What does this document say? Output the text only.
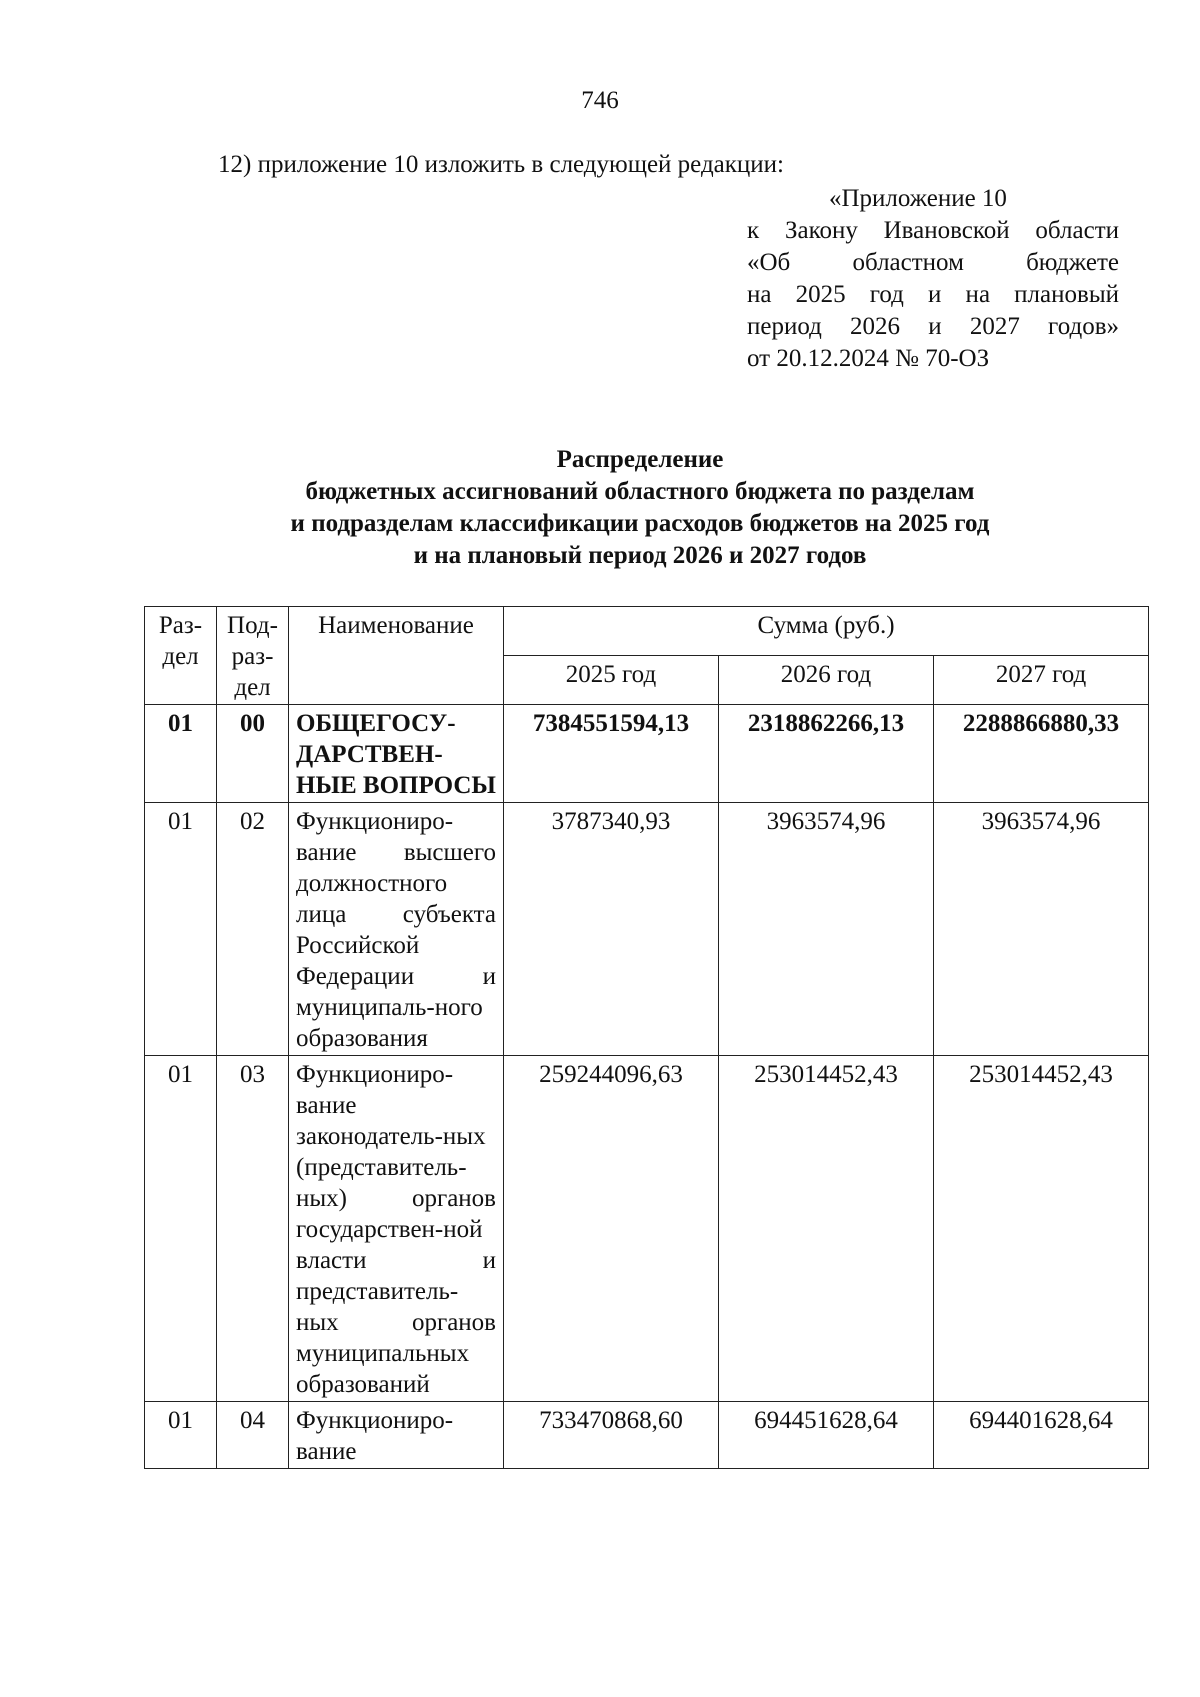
746
12) приложение 10 изложить в следующей редакции:
«Приложение 10
к Закону Ивановской области
«Об областном бюджете
на 2025 год и на плановый
период 2026 и 2027 годов»
от 20.12.2024 № 70-ОЗ
Распределение
бюджетных ассигнований областного бюджета по разделам
и подразделам классификации расходов бюджетов на 2025 год
и на плановый период 2026 и 2027 годов
Раз-
дел	Под-
раз-
дел	Наименование	Сумма (руб.)		
			2025 год	2026 год	2027 год
01	00	ОБЩЕГОСУ-ДАРСТВЕН-НЫЕ ВОПРОСЫ	7384551594,13	2318862266,13	2288866880,33
01	02	Функциониро-вание высшего должностного лица субъекта Российской Федерации и муниципаль-ного образования	3787340,93	3963574,96	3963574,96
01	03	Функциониро-вание законодатель-ных (представитель-ных) органов государствен-ной власти и представитель-ных органов муниципальных образований	259244096,63	253014452,43	253014452,43
01	04	Функциониро-вание	733470868,60	694451628,64	694401628,64
